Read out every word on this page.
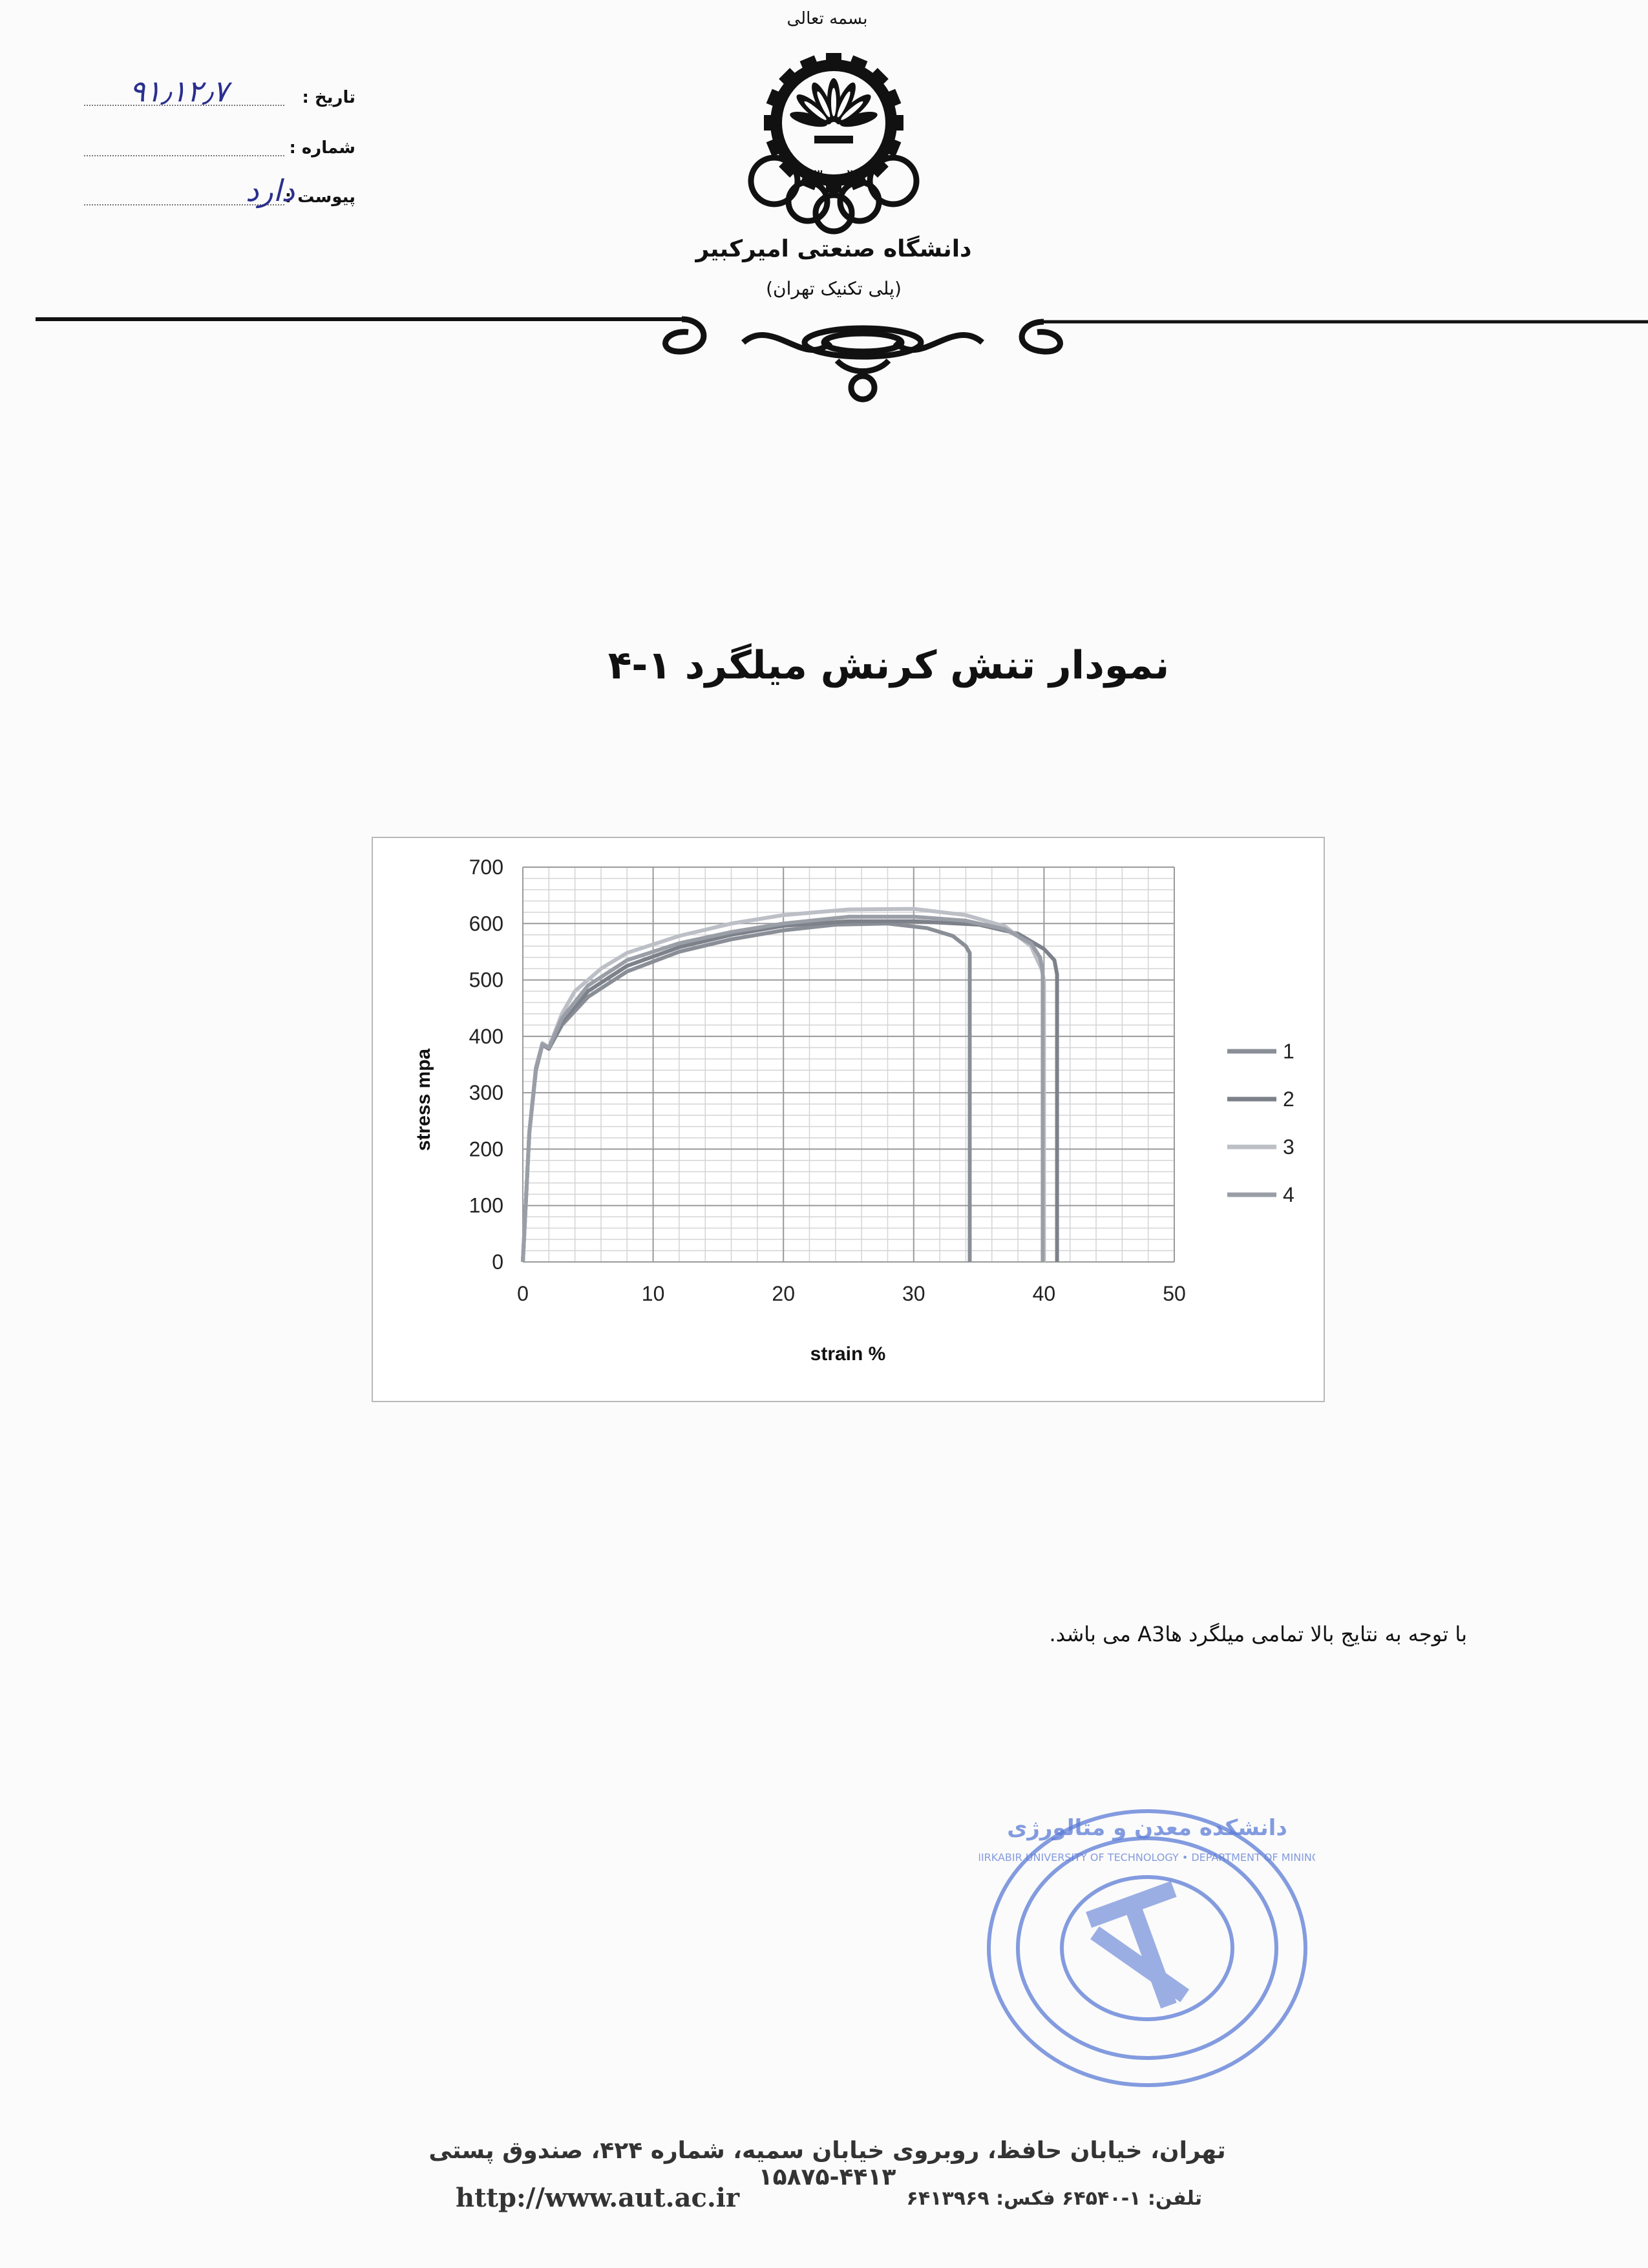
بسمه تعالی
۱۳ ۳۷
دانشگاه صنعتی امیرکبیر
(پلی تکنیک تهران)
تاریخ :
۹۱٫۱۲٫۷
شماره :
پیوست :
دارد
نمودار تنش کرنش میلگرد ۱-۴
0
100
200
300
400
500
600
700
0	10	20	30	40	50
1
2
3
4
strain %
stress mpa
با توجه به نتایج بالا تمامی میلگرد هاA3 می باشد.
دانشکده معدن و متالورژی
AMIRKABIR UNIVERSITY OF TECHNOLOGY • DEPARTMENT OF MINING •
تهران، خیابان حافظ، روبروی خیابان سمیه، شماره ۴۲۴، صندوق پستی ۴۴۱۳-۱۵۸۷۵
http://www.aut.ac.ir	تلفن: ۱-۶۴۵۴۰ فکس: ۶۴۱۳۹۶۹
